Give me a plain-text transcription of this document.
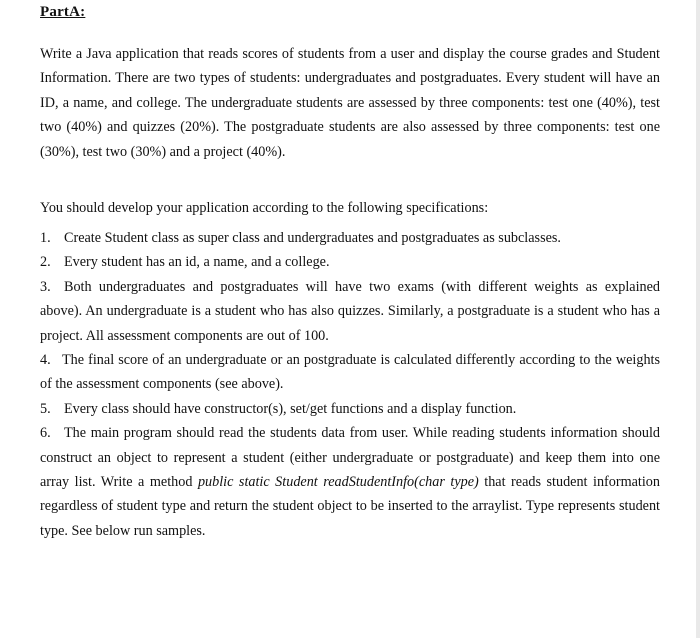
PartA:

Write a Java application that reads scores of students from a user and display the course grades and Student Information. There are two types of students: undergraduates and postgraduates. Every student will have an ID, a name, and college. The undergraduate students are assessed by three components: test one (40%), test two (40%) and quizzes (20%). The postgraduate students are also assessed by three components: test one (30%), test two (30%) and a project (40%).

You should develop your application according to the following specifications:

1. Create Student class as super class and undergraduates and postgraduates as subclasses.

2. Every student has an id, a name, and a college.

3. Both undergraduates and postgraduates will have two exams (with different weights as explained above). An undergraduate is a student who has also quizzes. Similarly, a postgraduate is a student who has a project. All assessment components are out of 100.

4. The final score of an undergraduate or an postgraduate is calculated differently according to the weights of the assessment components (see above).

5. Every class should have constructor(s), set/get functions and a display function.

6. The main program should read the students data from user. While reading students information should construct an object to represent a student (either undergraduate or postgraduate) and keep them into one array list. Write a method public static Student readStudentInfo(char type) that reads student information regardless of student type and return the student object to be inserted to the arraylist. Type represents student type. See below run samples.
